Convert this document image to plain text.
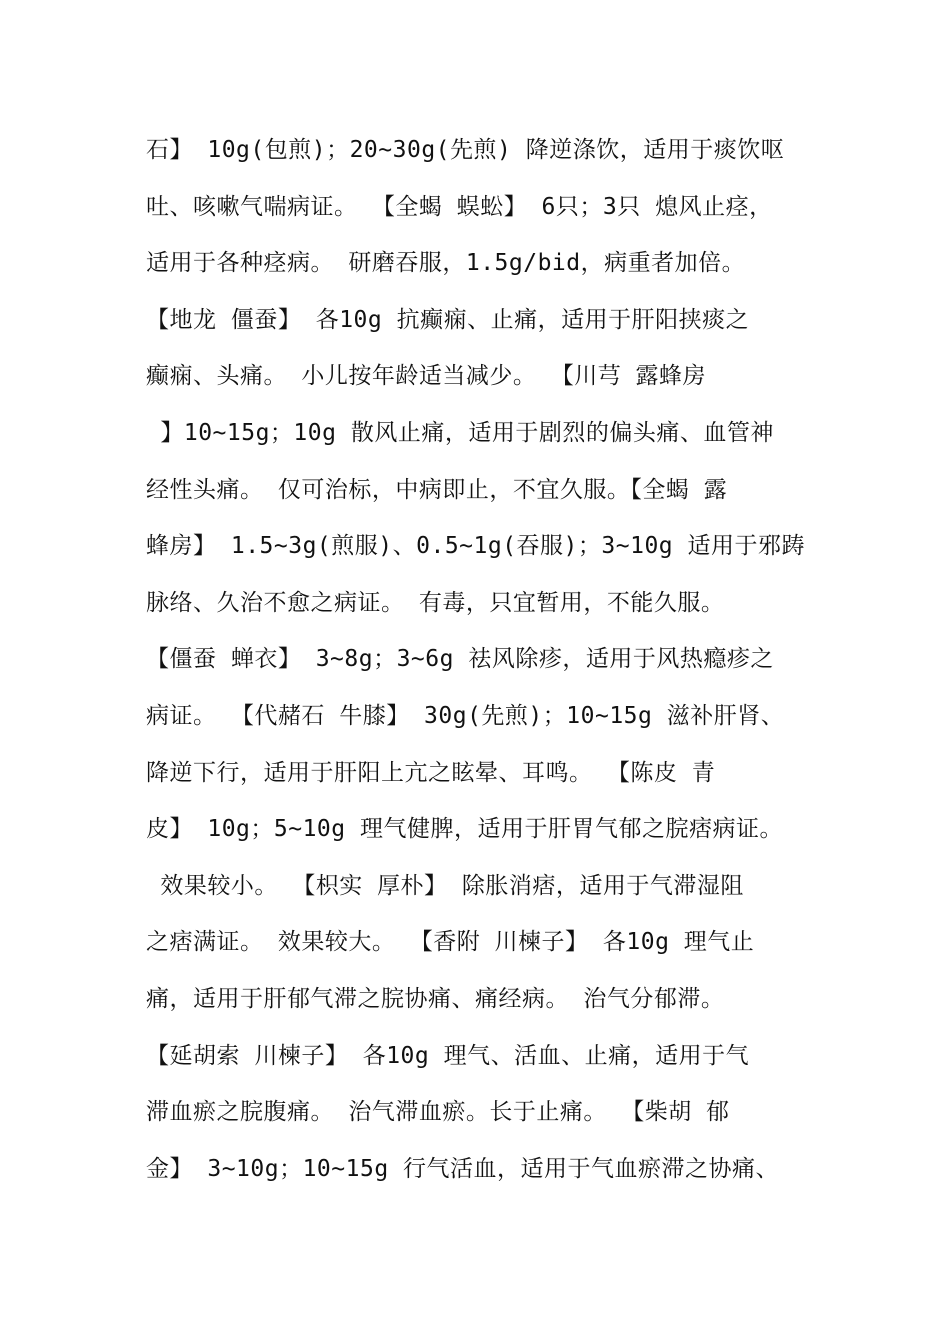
石】 10g(包煎)；20~30g(先煎) 降逆涤饮，适用于痰饮呕
吐、咳嗽气喘病证。 【全蝎 蜈蚣】 6只；3只 熄风止痉，
适用于各种痉病。 研磨吞服，1.5g/bid，病重者加倍。
【地龙 僵蚕】 各10g 抗癫痫、止痛，适用于肝阳挟痰之
癫痫、头痛。 小儿按年龄适当减少。 【川芎 露蜂房
】10~15g；10g 散风止痛，适用于剧烈的偏头痛、血管神
经性头痛。 仅可治标，中病即止，不宜久服。【全蝎 露
蜂房】 1.5~3g(煎服)、0.5~1g(吞服)；3~10g 适用于邪踌
脉络、久治不愈之病证。 有毒，只宜暂用，不能久服。
【僵蚕 蝉衣】 3~8g；3~6g 祛风除疹，适用于风热瘾疹之
病证。 【代赭石 牛膝】 30g(先煎)；10~15g 滋补肝肾、
降逆下行，适用于肝阳上亢之眩晕、耳鸣。 【陈皮 青
皮】 10g；5~10g 理气健脾，适用于肝胃气郁之脘痞病证。
效果较小。 【枳实 厚朴】 除胀消痞，适用于气滞湿阻
之痞满证。 效果较大。 【香附 川楝子】 各10g 理气止
痛，适用于肝郁气滞之脘协痛、痛经病。 治气分郁滞。
【延胡索 川楝子】 各10g 理气、活血、止痛，适用于气
滞血瘀之脘腹痛。 治气滞血瘀。长于止痛。 【柴胡 郁
金】 3~10g；10~15g 行气活血，适用于气血瘀滞之协痛、
